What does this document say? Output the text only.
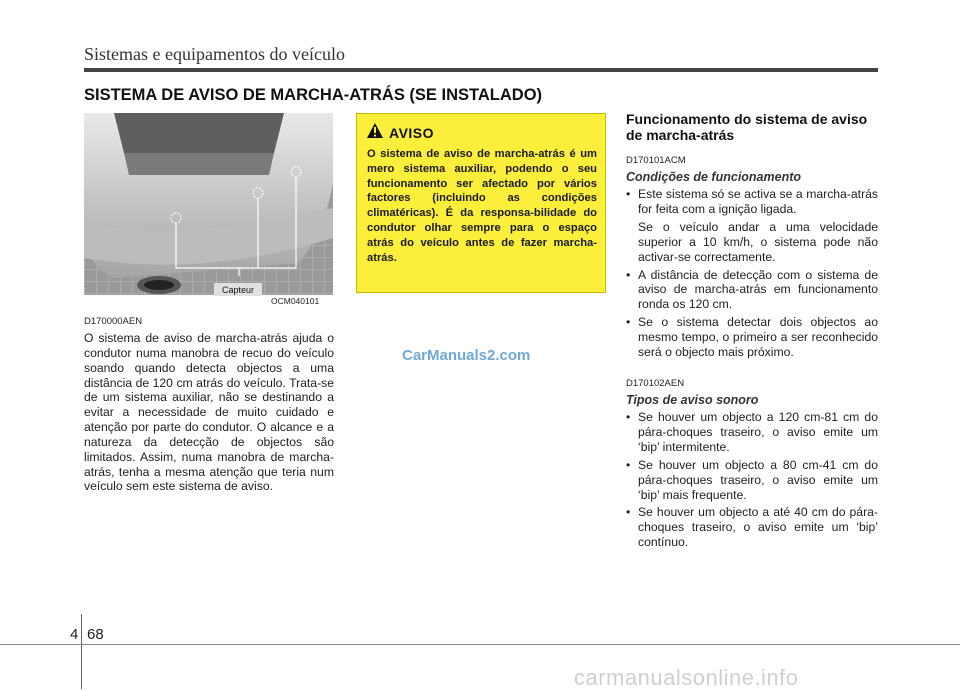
Sistemas e equipamentos do veículo
SISTEMA DE AVISO DE MARCHA-ATRÁS (SE INSTALADO)
Capteur
OCM040101
D170000AEN

O sistema de aviso de marcha-atrás ajuda o condutor numa manobra de recuo do veículo soando quando detecta objectos a uma distância de 120 cm atrás do veículo. Trata-se de um sistema auxiliar, não se destinando a evitar a necessidade de muito cuidado e atenção por parte do condutor. O alcance e a natureza da detecção de objectos são limitados. Assim, numa manobra de marcha-atrás, tenha a mesma atenção que teria num veículo sem este sistema de aviso.

AVISO

O sistema de aviso de marcha-atrás é um mero sistema auxiliar, podendo o seu funcionamento ser afectado por vários factores (incluindo as condições climatéricas). É da responsa-bilidade do condutor olhar sempre para o espaço atrás do veículo antes de fazer marcha-atrás.

CarManuals2.com
Funcionamento do sistema de aviso de marcha-atrás
D170101ACM
Condições de funcionamento
• Este sistema só se activa se a marcha-atrás for feita com a ignição ligada.

Se o veículo andar a uma velocidade superior a 10 km/h, o sistema pode não activar-se correctamente.

• A distância de detecção com o sistema de aviso de marcha-atrás em funcionamento ronda os 120 cm.
• Se o sistema detectar dois objectos ao mesmo tempo, o primeiro a ser reconhecido será o objecto mais próximo.
D170102AEN
Tipos de aviso sonoro
• Se houver um objecto a 120 cm-81 cm do pára-choques traseiro, o aviso emite um ‘bip’ intermitente.
• Se houver um objecto a 80 cm-41 cm do pára-choques traseiro, o aviso emite um ‘bip’ mais frequente.
• Se houver um objecto a até 40 cm do pára-choques traseiro, o aviso emite um ‘bip’ contínuo.
4 68
carmanualsonline.info
